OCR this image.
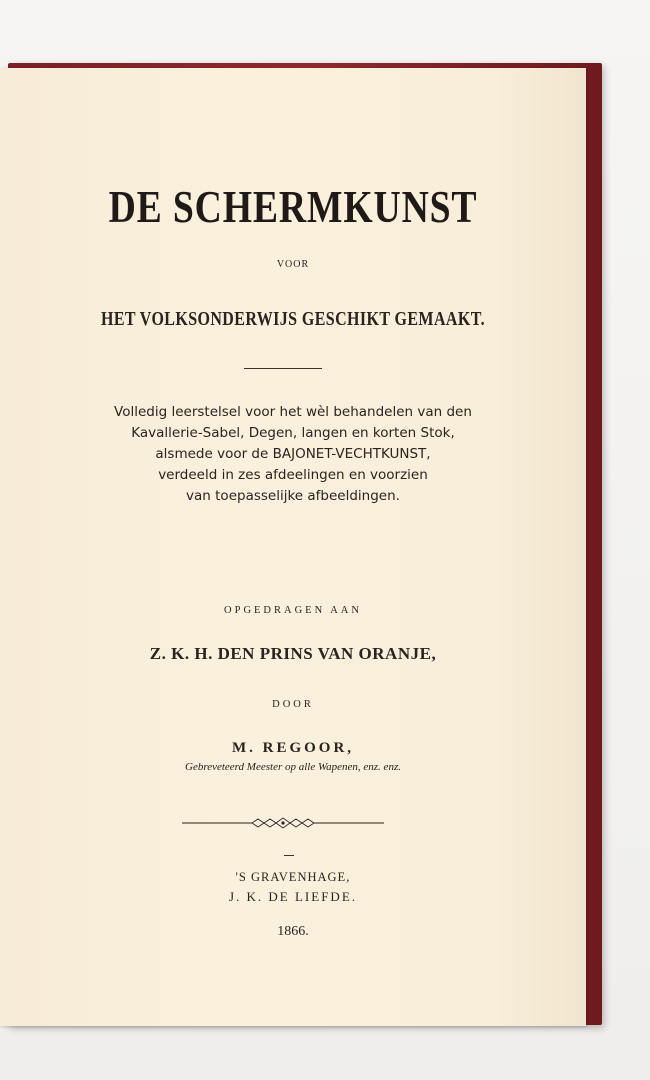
DE SCHERMKUNST
VOOR
HET VOLKSONDERWIJS GESCHIKT GEMAAKT.
Volledig leerstelsel voor het wèl behandelen van den
Kavallerie-Sabel, Degen, langen en korten Stok,
alsmede voor de BAJONET-VECHTKUNST,
verdeeld in zes afdeelingen en voorzien
van toepasselijke afbeeldingen.
OPGEDRAGEN AAN
Z. K. H. DEN PRINS VAN ORANJE,
DOOR
M. REGOOR,
Gebreveteerd Meester op alle Wapenen, enz. enz.
'S GRAVENHAGE,
J. K. DE LIEFDE.
1866.
